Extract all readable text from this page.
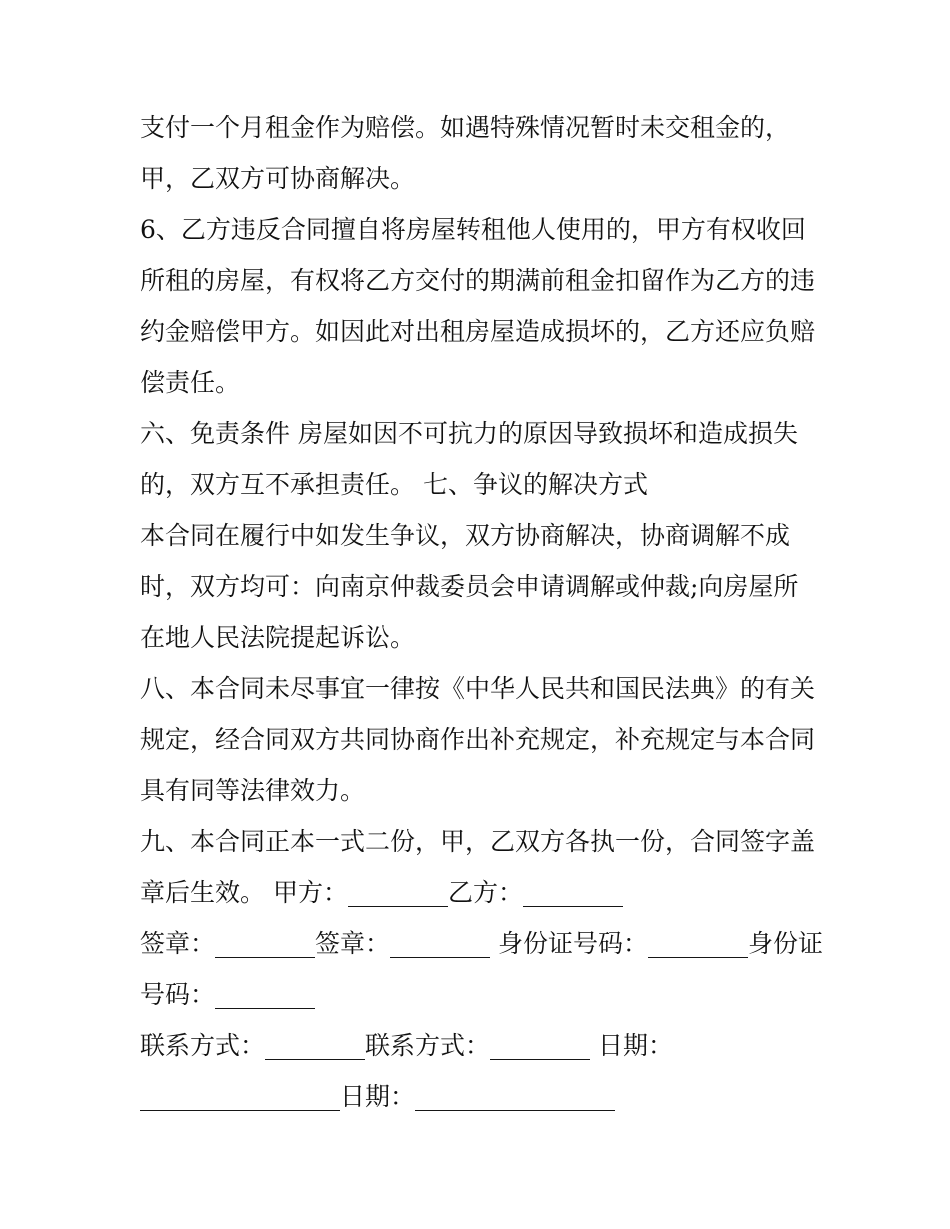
支付一个月租金作为赔偿。如遇特殊情况暂时未交租金的，
甲，乙双方可协商解决。
6、乙方违反合同擅自将房屋转租他人使用的，甲方有权收回
所租的房屋，有权将乙方交付的期满前租金扣留作为乙方的违
约金赔偿甲方。如因此对出租房屋造成损坏的，乙方还应负赔
偿责任。
六、免责条件 房屋如因不可抗力的原因导致损坏和造成损失
的，双方互不承担责任。 七、争议的解决方式
本合同在履行中如发生争议，双方协商解决，协商调解不成
时，双方均可：向南京仲裁委员会申请调解或仲裁;向房屋所
在地人民法院提起诉讼。
八、本合同未尽事宜一律按《中华人民共和国民法典》的有关
规定，经合同双方共同协商作出补充规定，补充规定与本合同
具有同等法律效力。
九、本合同正本一式二份，甲，乙双方各执一份，合同签字盖
章后生效。 甲方：________乙方：________
签章：________签章：________ 身份证号码：________身份证
号码：________
联系方式：________联系方式：________ 日期：
________________日期：________________
